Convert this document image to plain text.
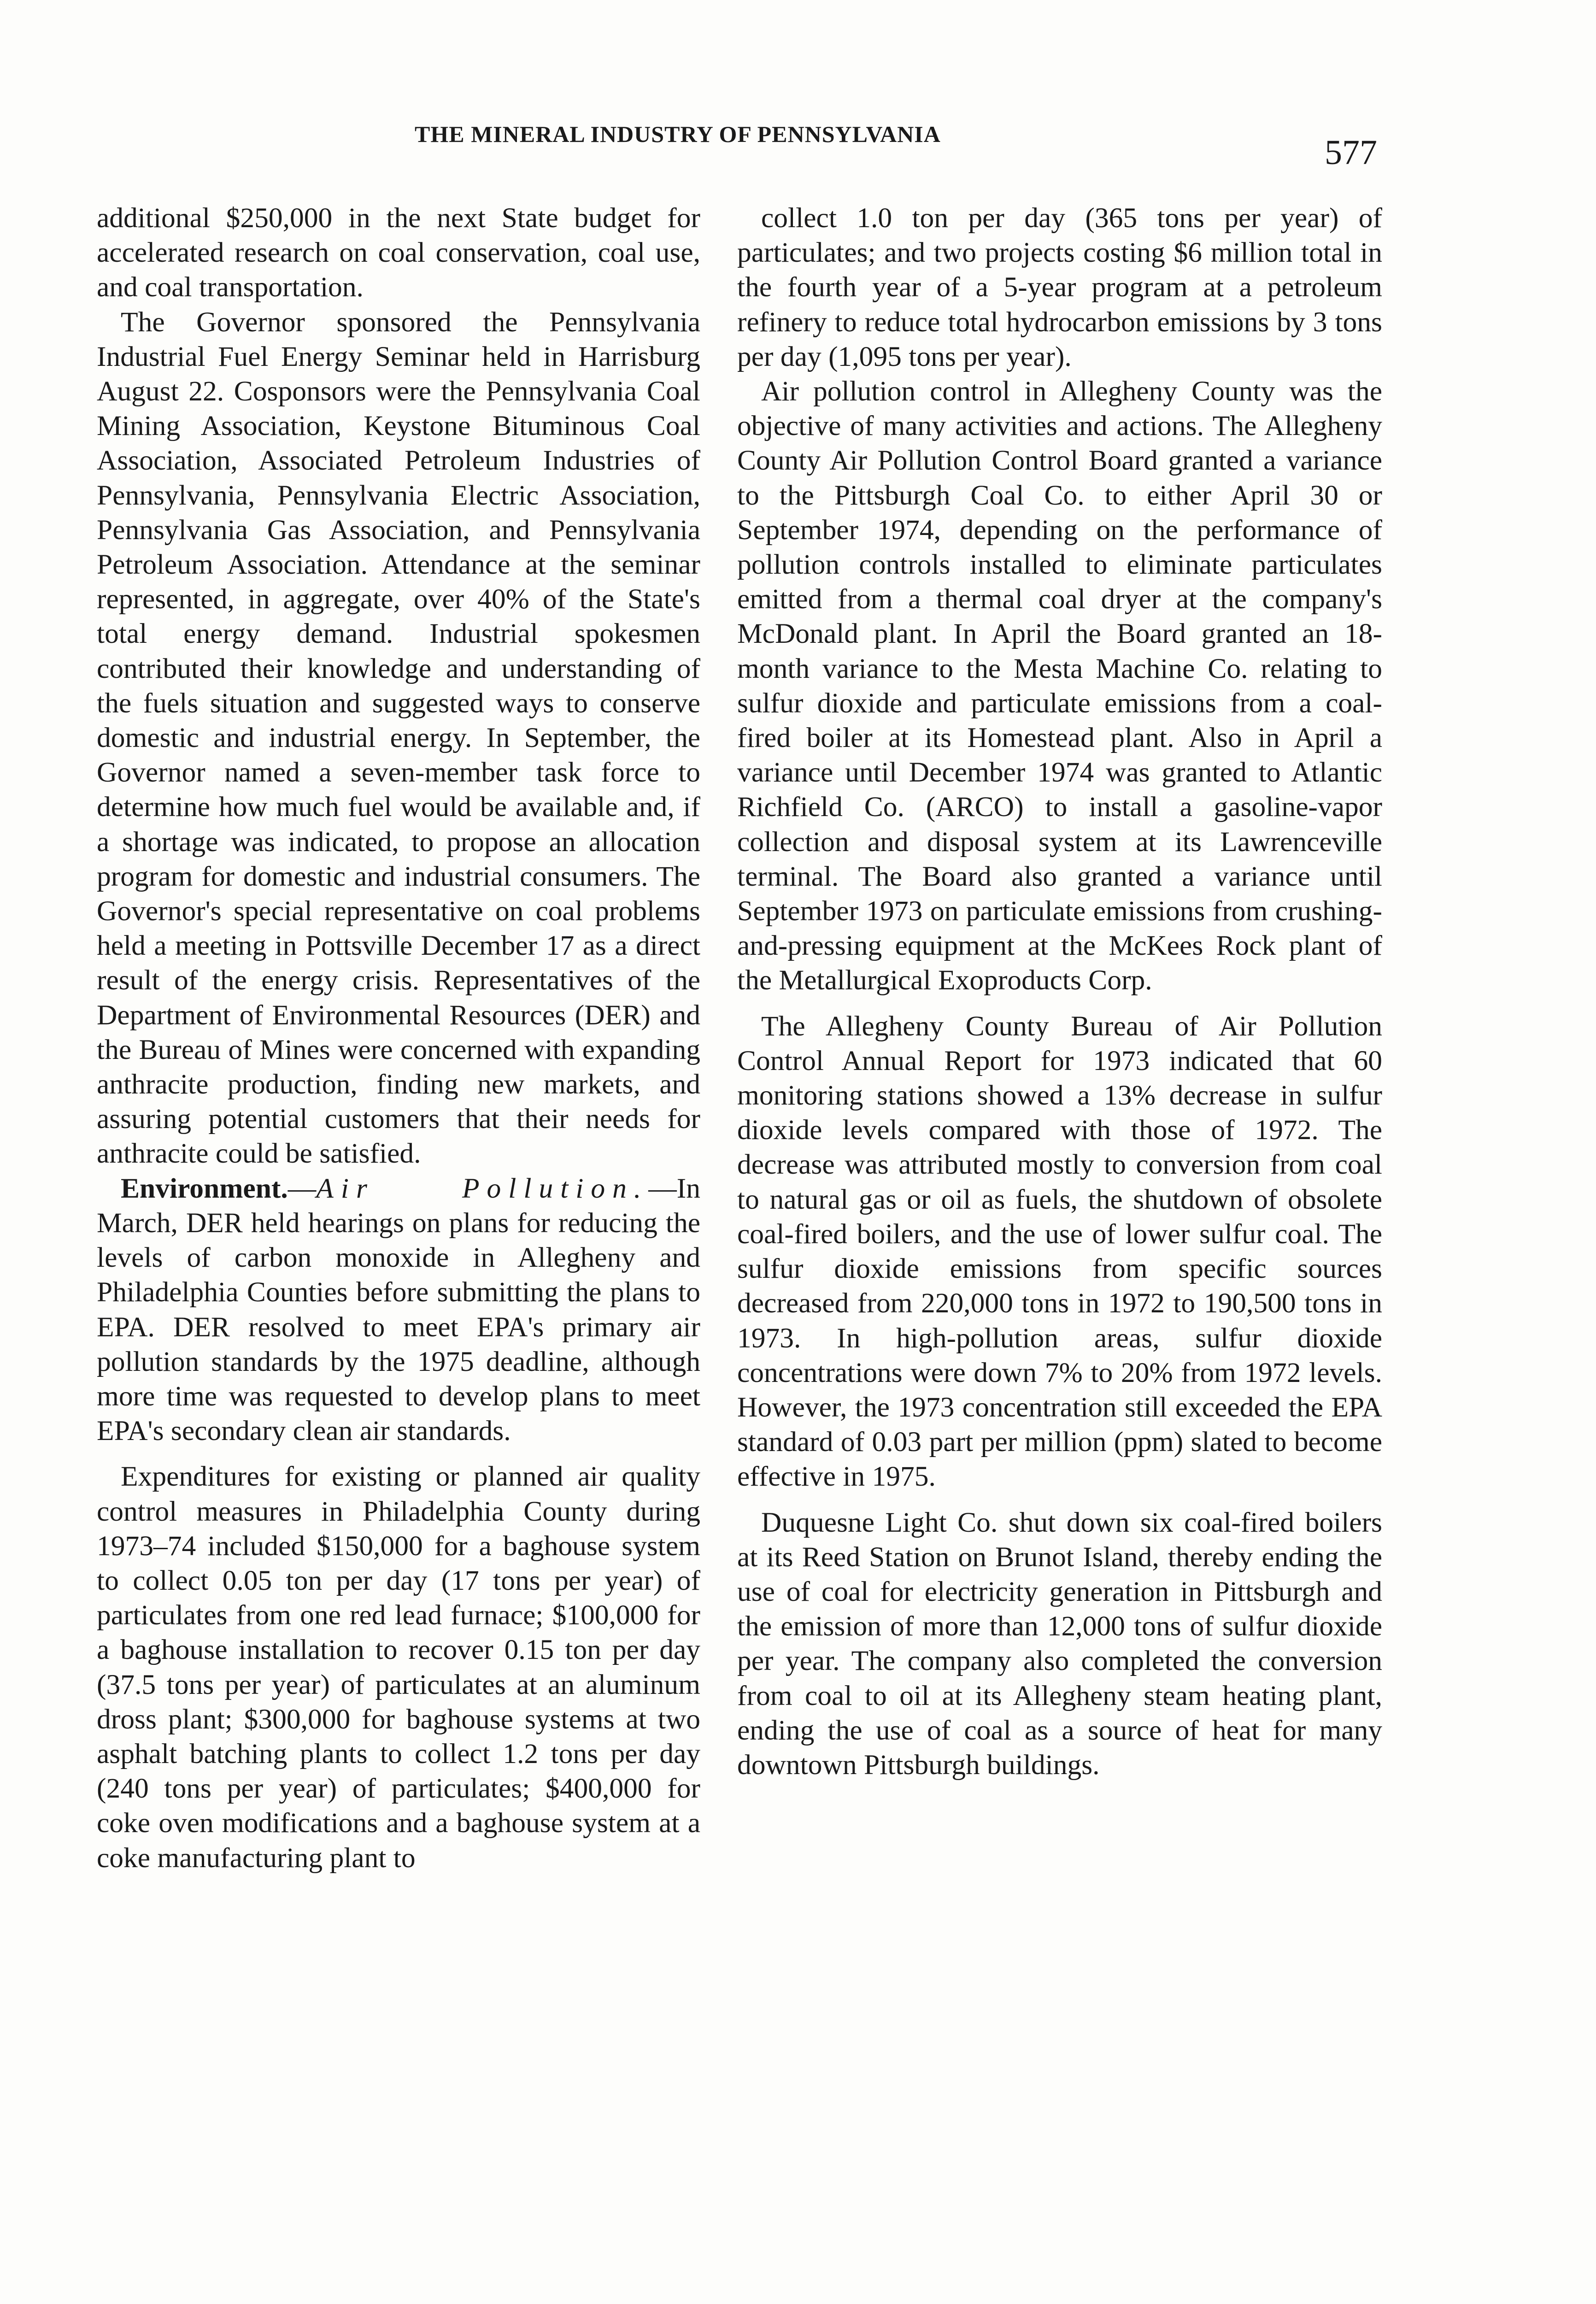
THE MINERAL INDUSTRY OF PENNSYLVANIA	577

additional $250,000 in the next State budget for accelerated research on coal conservation, coal use, and coal transportation.

The Governor sponsored the Pennsylvania Industrial Fuel Energy Seminar held in Harrisburg August 22. Cosponsors were the Pennsylvania Coal Mining Association, Keystone Bituminous Coal Association, Associated Petroleum Industries of Pennsylvania, Pennsylvania Electric Association, Pennsylvania Gas Association, and Pennsylvania Petroleum Association. Attendance at the seminar represented, in aggregate, over 40% of the State's total energy demand. Industrial spokesmen contributed their knowledge and understanding of the fuels situation and suggested ways to conserve domestic and industrial energy. In September, the Governor named a seven-member task force to determine how much fuel would be available and, if a shortage was indicated, to propose an allocation program for domestic and industrial consumers. The Governor's special representative on coal problems held a meeting in Pottsville December 17 as a direct result of the energy crisis. Representatives of the Department of Environmental Resources (DER) and the Bureau of Mines were concerned with expanding anthracite production, finding new markets, and assuring potential customers that their needs for anthracite could be satisfied.

Environment.—Air Pollution.—In March, DER held hearings on plans for reducing the levels of carbon monoxide in Allegheny and Philadelphia Counties before submitting the plans to EPA. DER resolved to meet EPA's primary air pollution standards by the 1975 deadline, although more time was requested to develop plans to meet EPA's secondary clean air standards.

Expenditures for existing or planned air quality control measures in Philadelphia County during 1973–74 included $150,000 for a baghouse system to collect 0.05 ton per day (17 tons per year) of particulates from one red lead furnace; $100,000 for a baghouse installation to recover 0.15 ton per day (37.5 tons per year) of particulates at an aluminum dross plant; $300,000 for baghouse systems at two asphalt batching plants to collect 1.2 tons per day (240 tons per year) of particulates; $400,000 for coke oven modifications and a baghouse system at a coke manufacturing plant to

collect 1.0 ton per day (365 tons per year) of particulates; and two projects costing $6 million total in the fourth year of a 5-year program at a petroleum refinery to reduce total hydrocarbon emissions by 3 tons per day (1,095 tons per year).

Air pollution control in Allegheny County was the objective of many activities and actions. The Allegheny County Air Pollution Control Board granted a variance to the Pittsburgh Coal Co. to either April 30 or September 1974, depending on the performance of pollution controls installed to eliminate particulates emitted from a thermal coal dryer at the company's McDonald plant. In April the Board granted an 18-month variance to the Mesta Machine Co. relating to sulfur dioxide and particulate emissions from a coal-fired boiler at its Homestead plant. Also in April a variance until December 1974 was granted to Atlantic Richfield Co. (ARCO) to install a gasoline-vapor collection and disposal system at its Lawrenceville terminal. The Board also granted a variance until September 1973 on particulate emissions from crushing-and-pressing equipment at the McKees Rock plant of the Metallurgical Exoproducts Corp.

The Allegheny County Bureau of Air Pollution Control Annual Report for 1973 indicated that 60 monitoring stations showed a 13% decrease in sulfur dioxide levels compared with those of 1972. The decrease was attributed mostly to conversion from coal to natural gas or oil as fuels, the shutdown of obsolete coal-fired boilers, and the use of lower sulfur coal. The sulfur dioxide emissions from specific sources decreased from 220,000 tons in 1972 to 190,500 tons in 1973. In high-pollution areas, sulfur dioxide concentrations were down 7% to 20% from 1972 levels. However, the 1973 concentration still exceeded the EPA standard of 0.03 part per million (ppm) slated to become effective in 1975.

Duquesne Light Co. shut down six coal-fired boilers at its Reed Station on Brunot Island, thereby ending the use of coal for electricity generation in Pittsburgh and the emission of more than 12,000 tons of sulfur dioxide per year. The company also completed the conversion from coal to oil at its Allegheny steam heating plant, ending the use of coal as a source of heat for many downtown Pittsburgh buildings.
